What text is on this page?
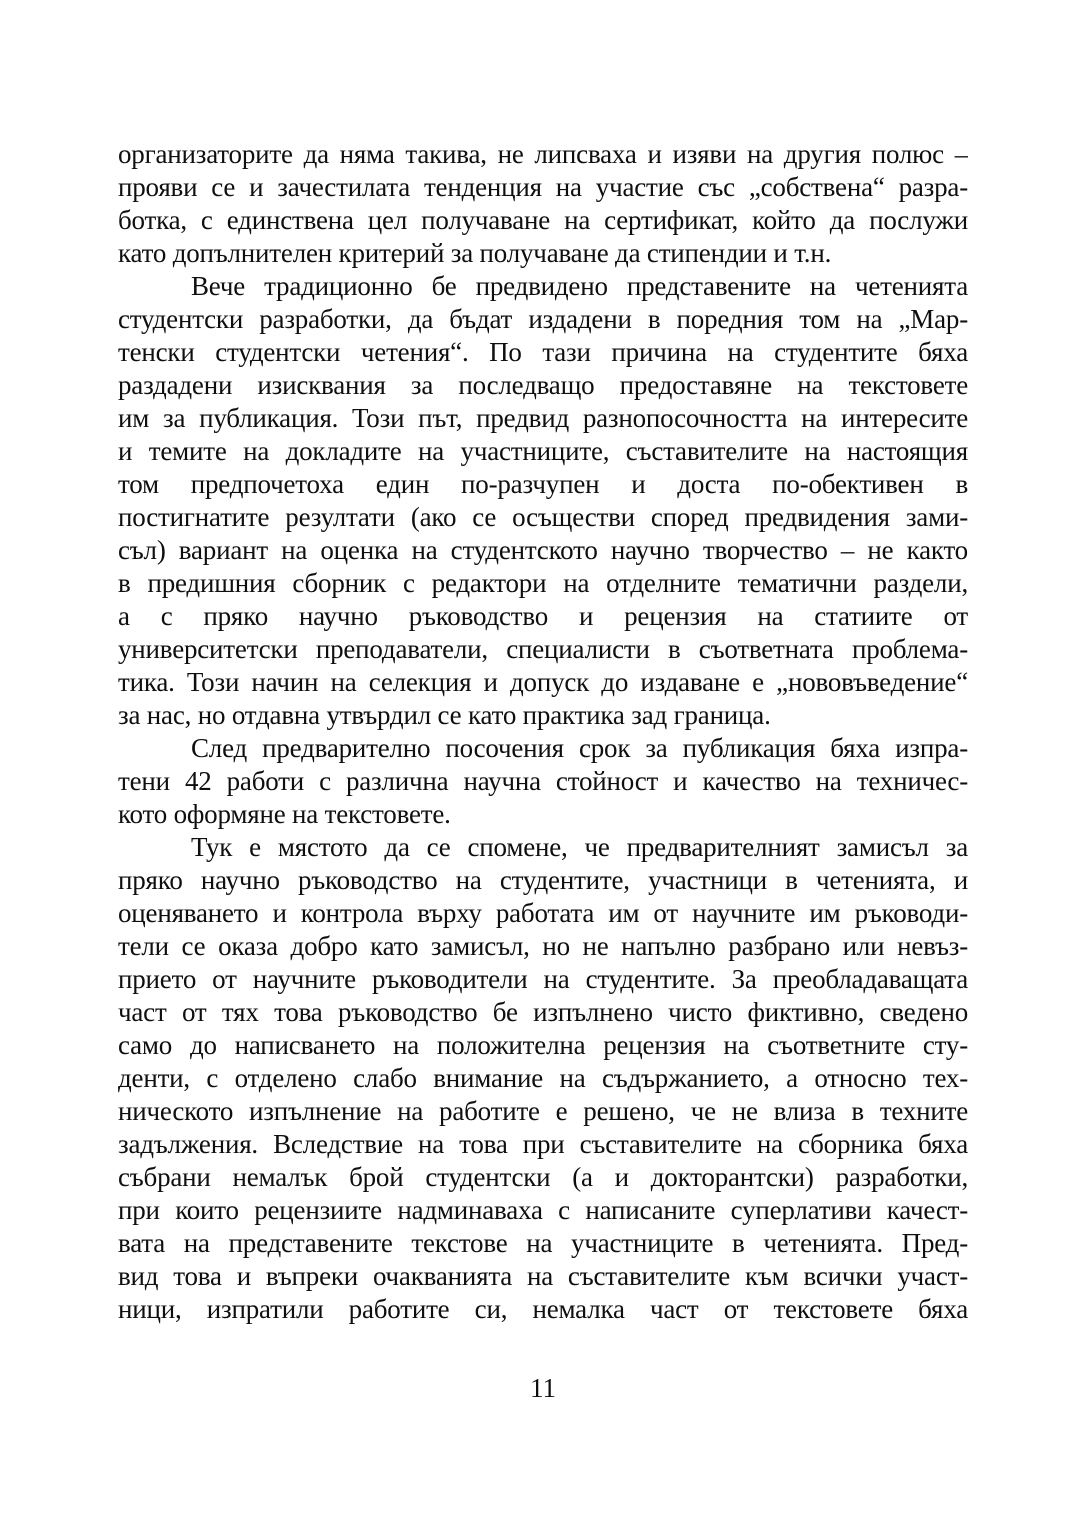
организаторите да няма такива, не липсваха и изяви на другия полюс –
прояви се и зачестилата тенденция на участие със „собствена“ разра-
ботка, с единствена цел получаване на сертификат, който да послужи
като допълнителен критерий за получаване да стипендии и т.н.
Вече традиционно бе предвидено представените на четенията
студентски разработки, да бъдат издадени в поредния том на „Мар-
тенски студентски четения“. По тази причина на студентите бяха
раздадени изисквания за последващо предоставяне на текстовете
им за публикация. Този път, предвид разнопосочността на интересите
и темите на докладите на участниците, съставителите на настоящия
том предпочетоха един по-разчупен и доста по-обективен в
постигнатите резултати (ако се осъществи според предвидения зами-
съл) вариант на оценка на студентското научно творчество – не както
в предишния сборник с редактори на отделните тематични раздели,
а с пряко научно ръководство и рецензия на статиите от
университетски преподаватели, специалисти в съответната проблема-
тика. Този начин на селекция и допуск до издаване е „нововъведение“
за нас, но отдавна утвърдил се като практика зад граница.
След предварително посочения срок за публикация бяха изпра-
тени 42 работи с различна научна стойност и качество на техничес-
кото оформяне на текстовете.
Тук е мястото да се спомене, че предварителният замисъл за
пряко научно ръководство на студентите, участници в четенията, и
оценяването и контрола върху работата им от научните им ръководи-
тели се оказа добро като замисъл, но не напълно разбрано или невъз-
прието от научните ръководители на студентите. За преобладаващата
част от тях това ръководство бе изпълнено чисто фиктивно, сведено
само до написването на положителна рецензия на съответните сту-
денти, с отделено слабо внимание на съдържанието, а относно тех-
ническото изпълнение на работите е решено, че не влиза в техните
задължения. Вследствие на това при съставителите на сборника бяха
събрани немалък брой студентски (а и докторантски) разработки,
при които рецензиите надминаваха с написаните суперлативи качест-
вата на представените текстове на участниците в четенията. Пред-
вид това и въпреки очакванията на съставителите към всички участ-
ници, изпратили работите си, немалка част от текстовете бяха
11
